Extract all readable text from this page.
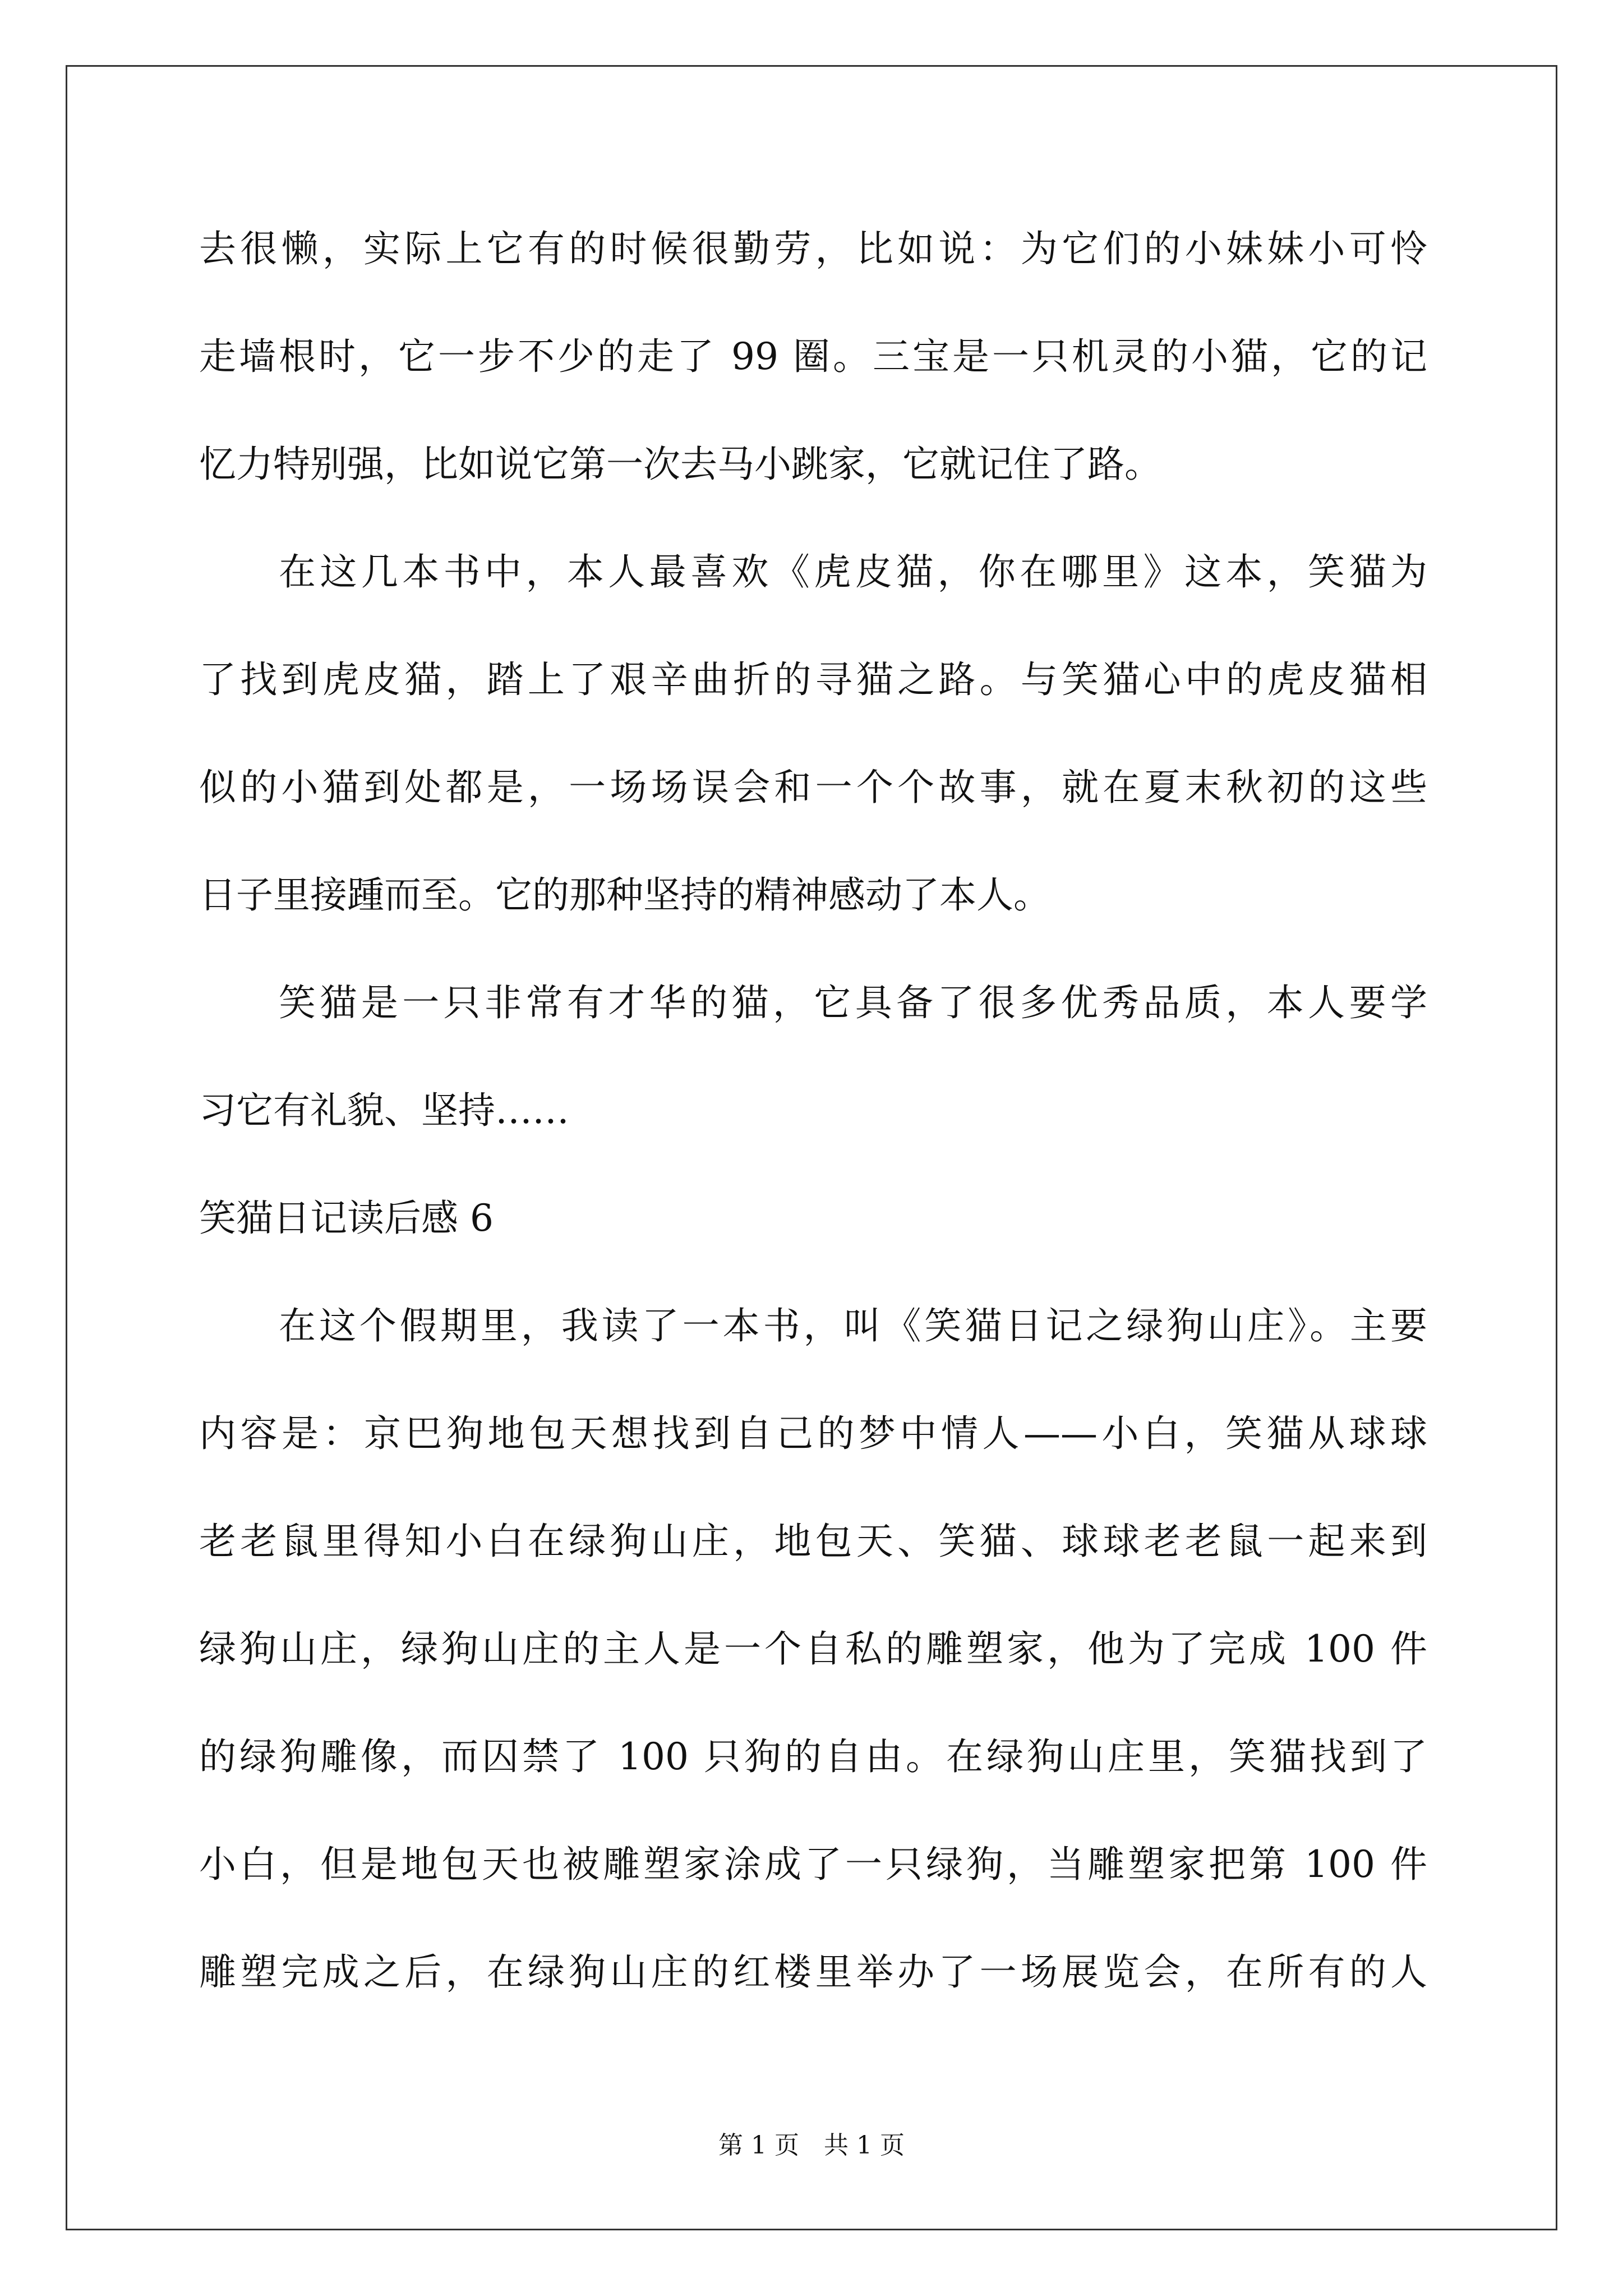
去很懒，实际上它有的时候很勤劳，比如说：为它们的小妹妹小可怜
走墙根时，它一步不少的走了 99 圈。三宝是一只机灵的小猫，它的记
忆力特别强，比如说它第一次去马小跳家，它就记住了路。
在这几本书中，本人最喜欢《虎皮猫，你在哪里》这本，笑猫为
了找到虎皮猫，踏上了艰辛曲折的寻猫之路。与笑猫心中的虎皮猫相
似的小猫到处都是，一场场误会和一个个故事，就在夏末秋初的这些
日子里接踵而至。它的那种坚持的精神感动了本人。
笑猫是一只非常有才华的猫，它具备了很多优秀品质，本人要学
习它有礼貌、坚持……
笑猫日记读后感 6
在这个假期里，我读了一本书，叫《笑猫日记之绿狗山庄》。主要
内容是：京巴狗地包天想找到自己的梦中情人——小白，笑猫从球球
老老鼠里得知小白在绿狗山庄，地包天、笑猫、球球老老鼠一起来到
绿狗山庄，绿狗山庄的主人是一个自私的雕塑家，他为了完成 100 件
的绿狗雕像，而囚禁了 100 只狗的自由。在绿狗山庄里，笑猫找到了
小白，但是地包天也被雕塑家涂成了一只绿狗，当雕塑家把第 100 件
雕塑完成之后，在绿狗山庄的红楼里举办了一场展览会，在所有的人
第 1 页　共 1 页
